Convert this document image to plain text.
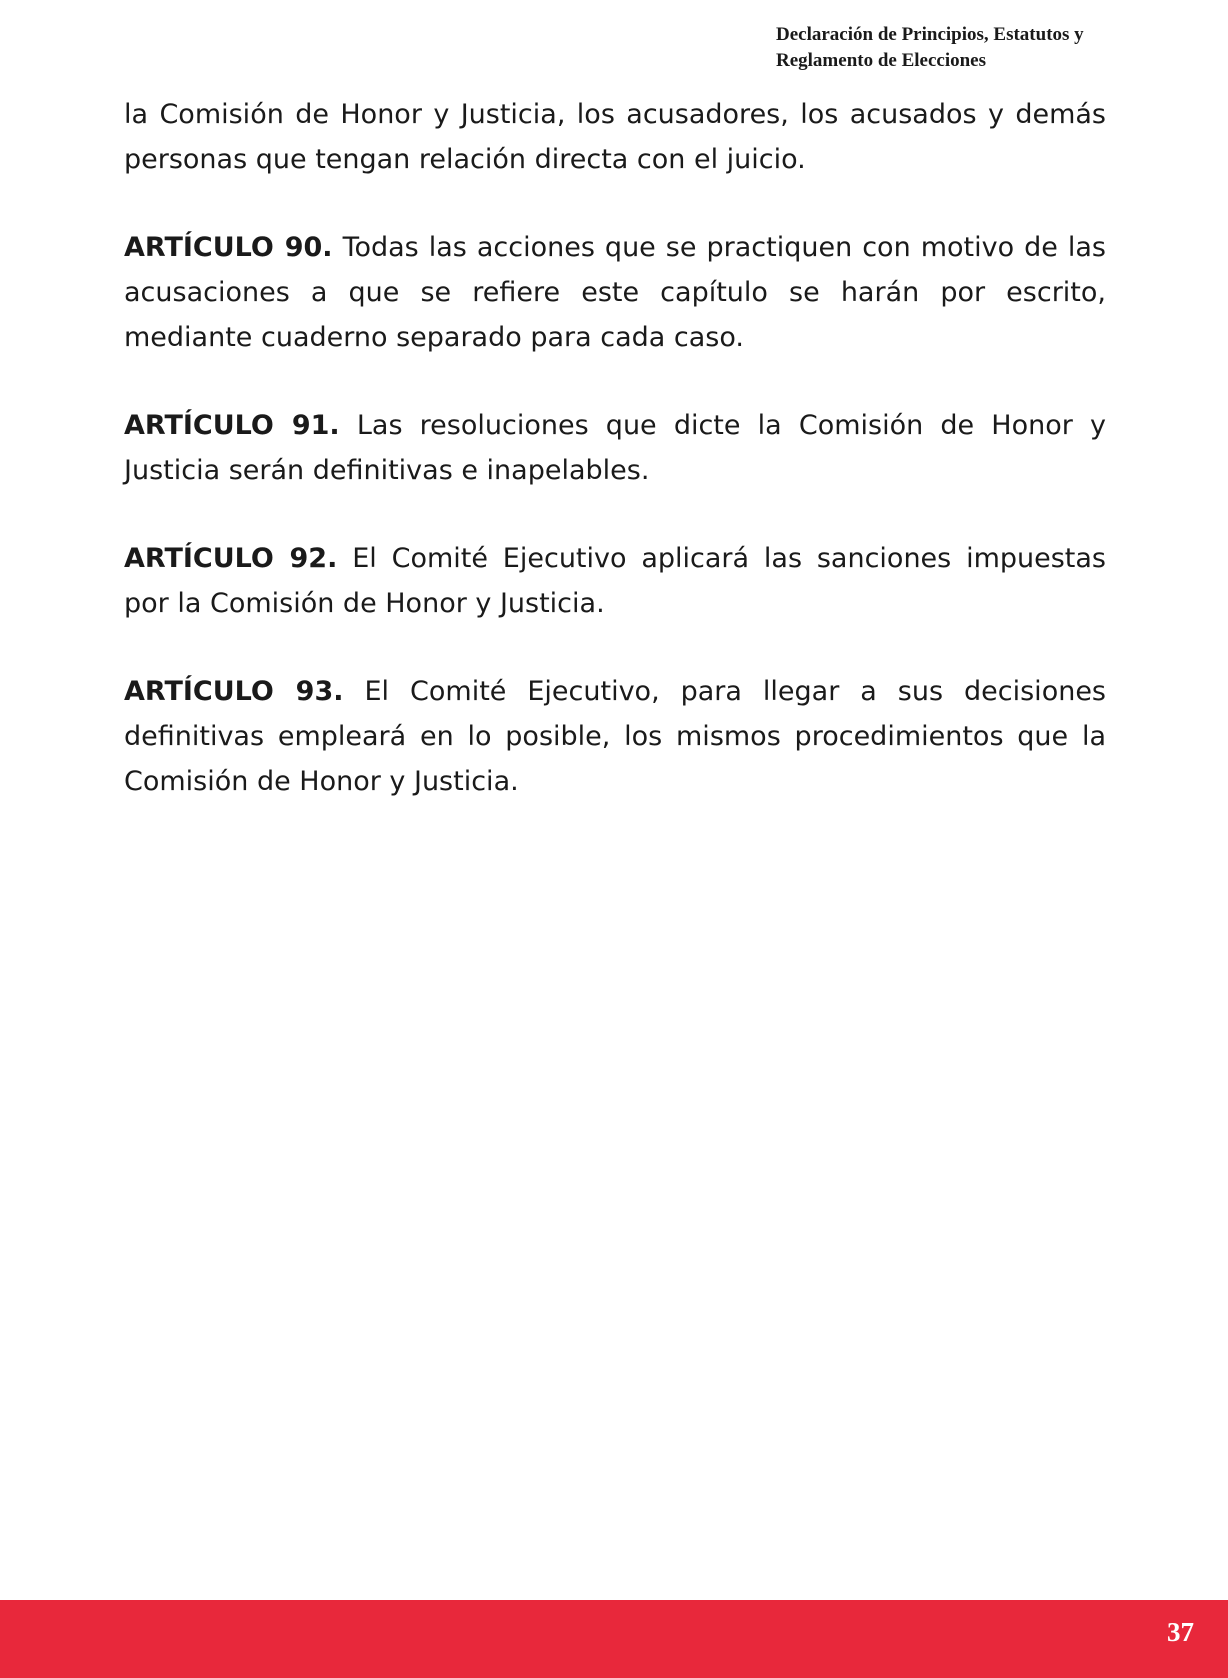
Declaración de Principios, Estatutos y
Reglamento de Elecciones

la Comisión de Honor y Justicia, los acusadores, los acusados y demás personas que tengan relación directa con el juicio.

ARTÍCULO 90. Todas las acciones que se practiquen con motivo de las acusaciones a que se refiere este capítulo se harán por escrito, mediante cuaderno separado para cada caso.

ARTÍCULO 91. Las resoluciones que dicte la Comisión de Honor y Justicia serán definitivas e inapelables.

ARTÍCULO 92. El Comité Ejecutivo aplicará las sanciones impuestas por la Comisión de Honor y Justicia.

ARTÍCULO 93. El Comité Ejecutivo, para llegar a sus decisiones definitivas empleará en lo posible, los mismos procedimientos que la Comisión de Honor y Justicia.

37
